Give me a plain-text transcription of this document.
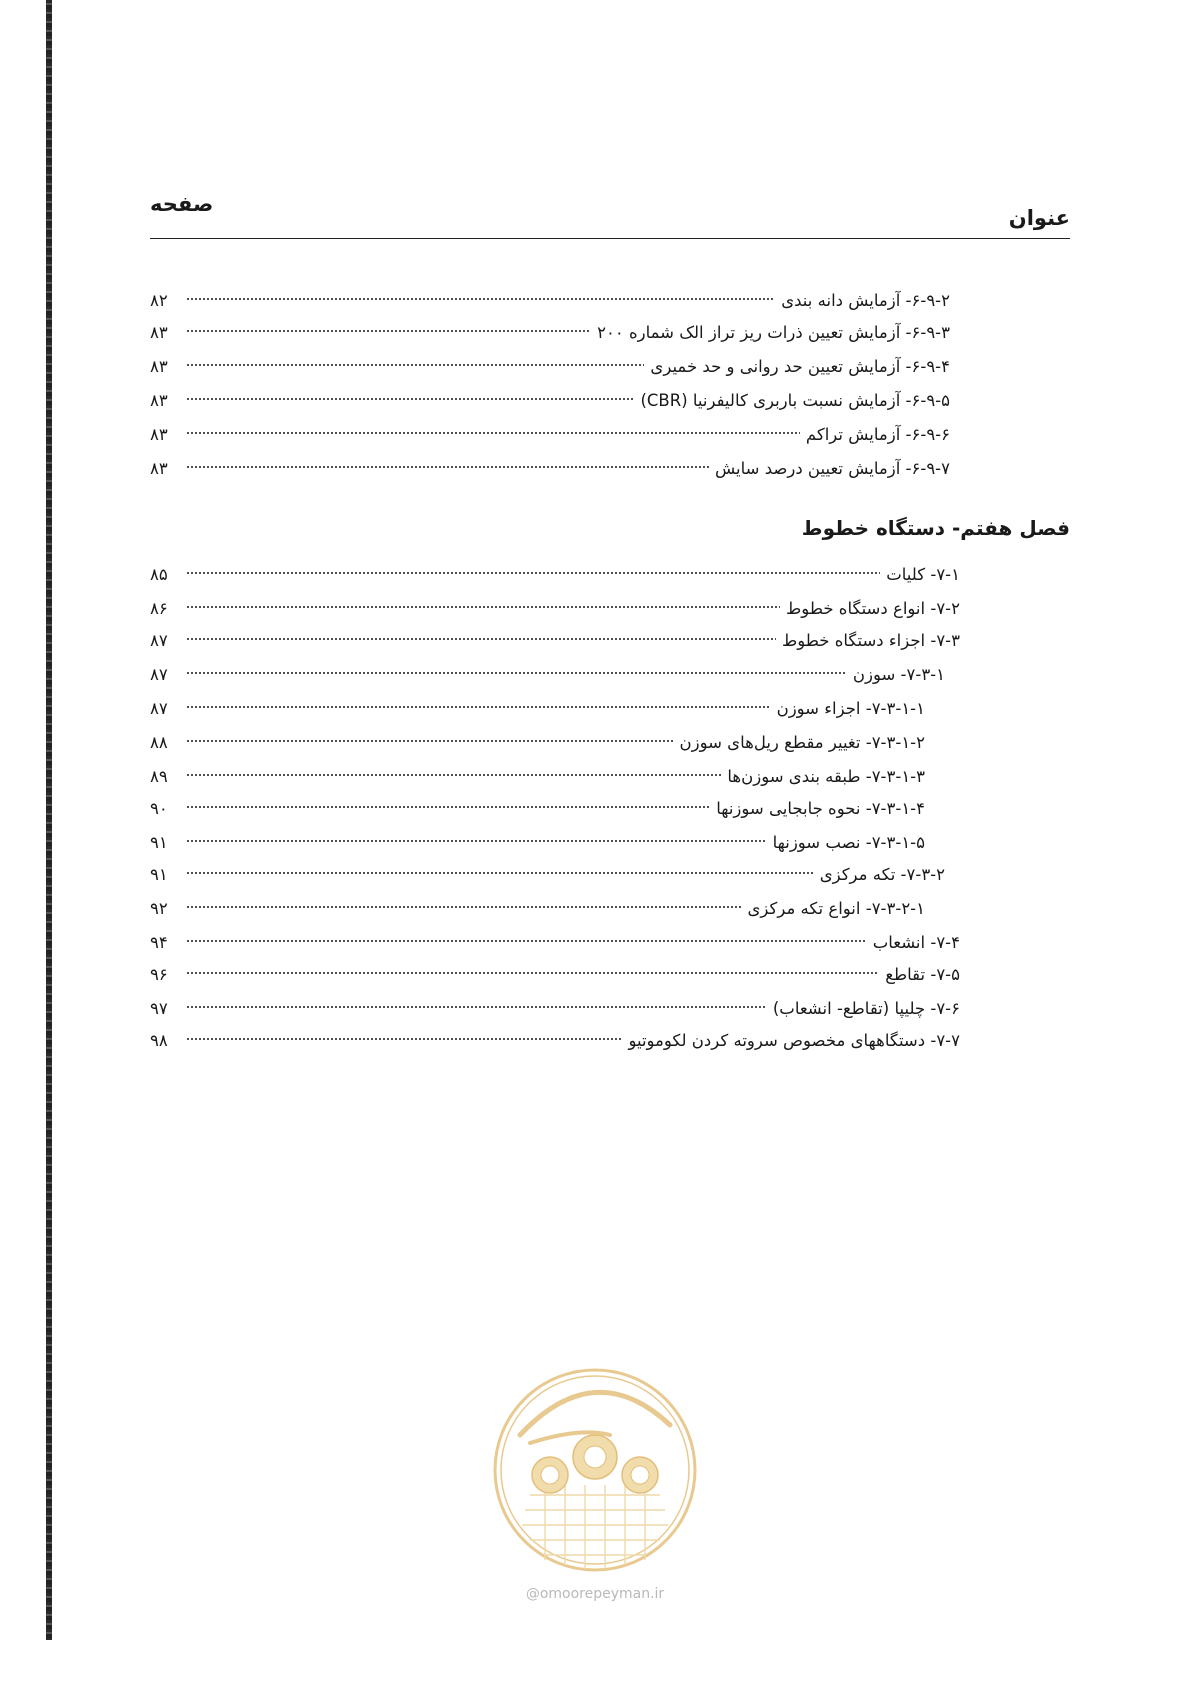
عنوان
صفحه
۶-۹-۲- آزمایش دانه بندی
۸۲
۶-۹-۳- آزمایش تعیین ذرات ریز تراز الک شماره ۲۰۰
۸۳
۶-۹-۴- آزمایش تعیین حد روانی و حد خمیری
۸۳
۶-۹-۵- آزمایش نسبت باربری کالیفرنیا (CBR)
۸۳
۶-۹-۶- آزمایش تراکم
۸۳
۶-۹-۷- آزمایش تعیین درصد سایش
۸۳
فصل هفتم- دستگاه خطوط
۷-۱- کلیات
۸۵
۷-۲- انواع دستگاه خطوط
۸۶
۷-۳- اجزاء دستگاه خطوط
۸۷
۷-۳-۱- سوزن
۸۷
۷-۳-۱-۱- اجزاء سوزن
۸۷
۷-۳-۱-۲- تغییر مقطع ریل‌های سوزن
۸۸
۷-۳-۱-۳- طبقه بندی سوزن‌ها
۸۹
۷-۳-۱-۴- نحوه جابجایی سوزنها
۹۰
۷-۳-۱-۵- نصب سوزنها
۹۱
۷-۳-۲- تکه مرکزی
۹۱
۷-۳-۲-۱- انواع تکه مرکزی
۹۲
۷-۴- انشعاب
۹۴
۷-۵- تقاطع
۹۶
۷-۶- چلیپا (تقاطع- انشعاب)
۹۷
۷-۷- دستگاههای مخصوص سروته کردن لکوموتیو
۹۸
@omoorepeyman.ir
